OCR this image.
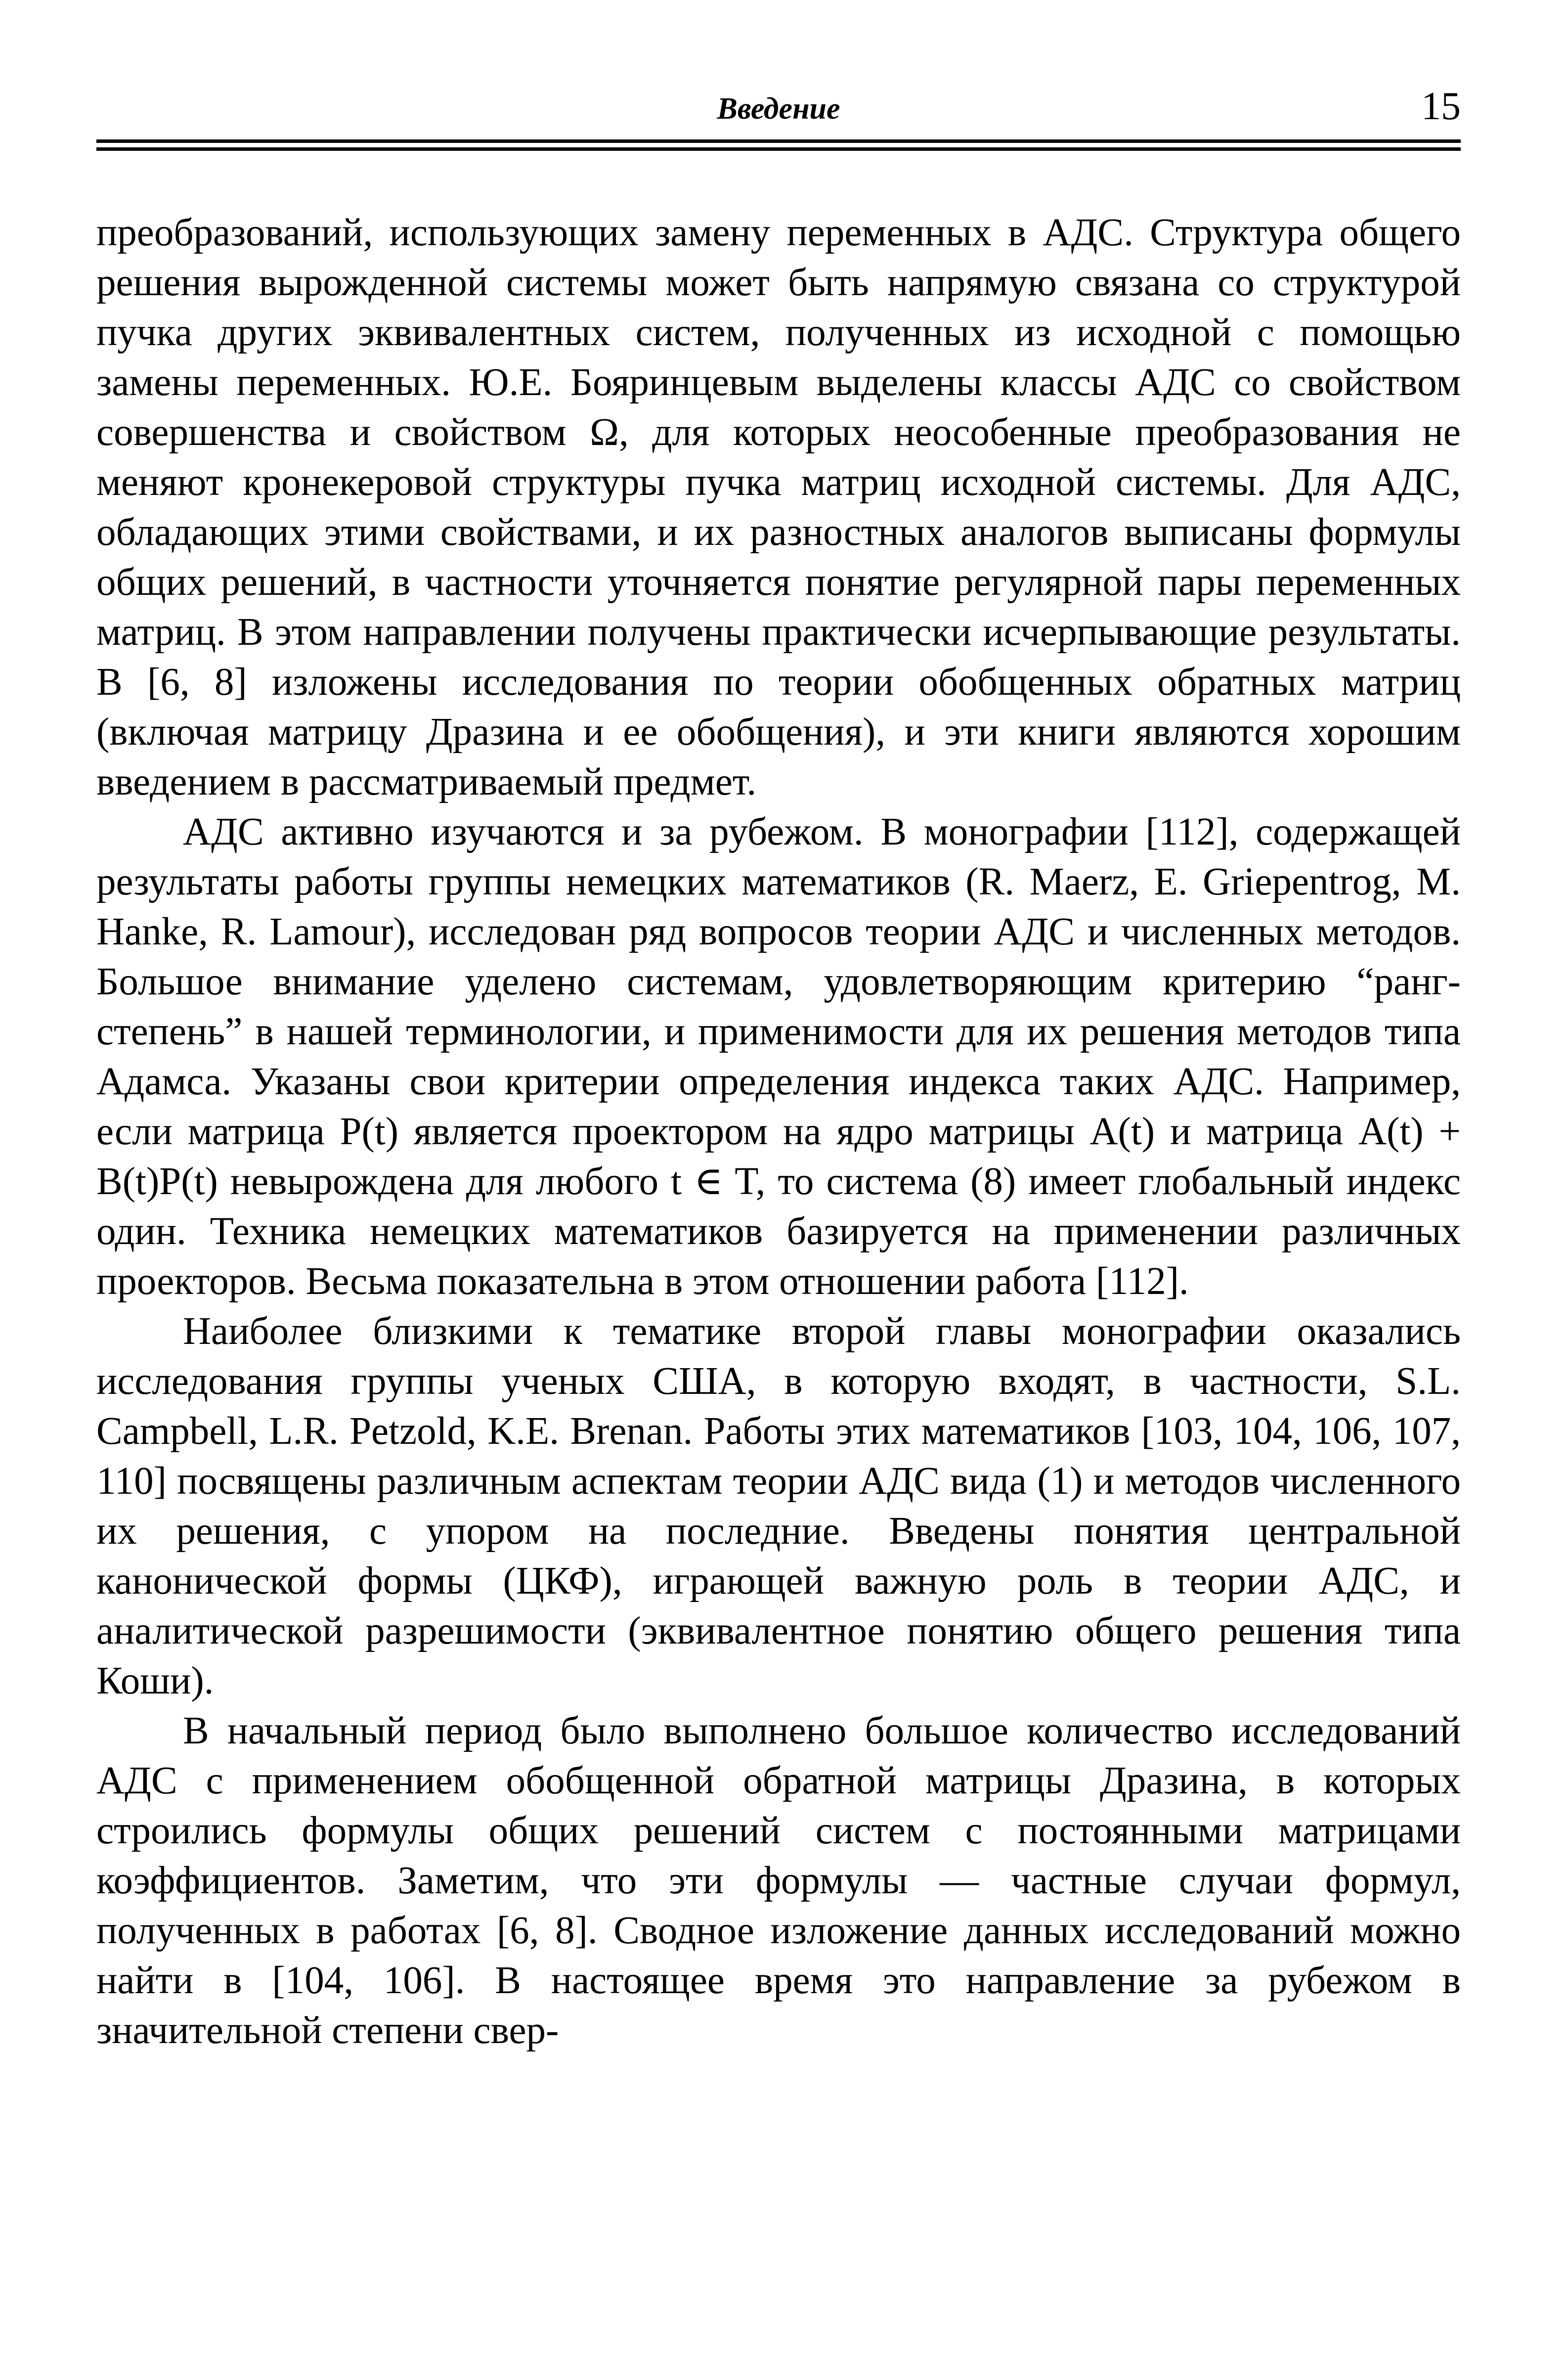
Введение	15

преобразований, использующих замену переменных в АДС. Структура общего решения вырожденной системы может быть напрямую связана со структурой пучка других эквивалентных систем, полученных из исходной с помощью замены переменных. Ю.Е. Бояринцевым выделены классы АДС со свойством совершенства и свойством Ω, для которых неособенные преобразования не меняют кронекеровой структуры пучка матриц исходной системы. Для АДС, обладающих этими свойствами, и их разностных аналогов выписаны формулы общих решений, в частности уточняется понятие регулярной пары переменных матриц. В этом направлении получены практически исчерпывающие результаты. В [6, 8] изложены исследования по теории обобщенных обратных матриц (включая матрицу Дразина и ее обобщения), и эти книги являются хорошим введением в рассматриваемый предмет.

АДС активно изучаются и за рубежом. В монографии [112], содержащей результаты работы группы немецких математиков (R. Maerz, E. Griepentrog, M. Hanke, R. Lamour), исследован ряд вопросов теории АДС и численных методов. Большое внимание уделено системам, удовлетворяющим критерию “ранг-степень” в нашей терминологии, и применимости для их решения методов типа Адамса. Указаны свои критерии определения индекса таких АДС. Например, если матрица P(t) является проектором на ядро матрицы A(t) и матрица A(t) + B(t)P(t) невырождена для любого t ∈ T, то система (8) имеет глобальный индекс один. Техника немецких математиков базируется на применении различных проекторов. Весьма показательна в этом отношении работа [112].

Наиболее близкими к тематике второй главы монографии оказались исследования группы ученых США, в которую входят, в частности, S.L. Campbell, L.R. Petzold, K.E. Brenan. Работы этих математиков [103, 104, 106, 107, 110] посвящены различным аспектам теории АДС вида (1) и методов численного их решения, с упором на последние. Введены понятия центральной канонической формы (ЦКФ), играющей важную роль в теории АДС, и аналитической разрешимости (эквивалентное понятию общего решения типа Коши).

В начальный период было выполнено большое количество исследований АДС с применением обобщенной обратной матрицы Дразина, в которых строились формулы общих решений систем с постоянными матрицами коэффициентов. Заметим, что эти формулы — частные случаи формул, полученных в работах [6, 8]. Сводное изложение данных исследований можно найти в [104, 106]. В настоящее время это направление за рубежом в значительной степени свер-
